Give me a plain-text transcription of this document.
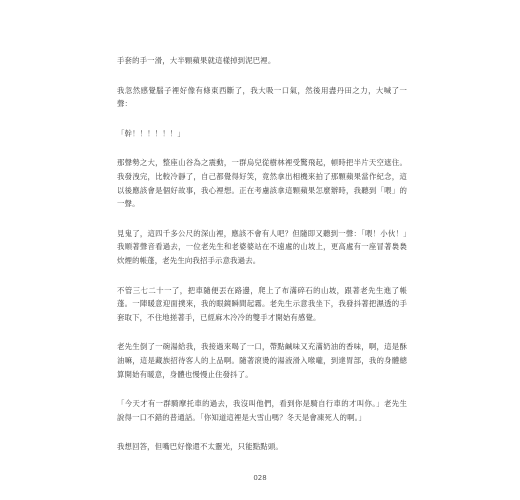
手套的手一滑，大半顆蘋果就這樣掉到泥巴裡。

我忽然感覺腦子裡好像有條東西斷了，我大吸一口氣，然後用盡丹田之力，大喊了一聲：

「幹！！！！！！」

那聲勢之大，整座山谷為之震動，一群烏兒從樹林裡受驚飛起，頓時把半片天空遮住。我發洩完，比較冷靜了，自己都覺得好笑，竟然拿出相機來拍了那顆蘋果當作紀念，這以後應該會是個好故事，我心裡想。正在考慮該拿這顆蘋果怎麼辦時，我聽到「喂」的一聲。

見鬼了，這四千多公尺的深山裡，應該不會有人吧？但隨即又聽到一聲：「喂！小伙！」我順著聲音看過去，一位老先生和老婆婆站在不遠處的山坡上，更高處有一座冒著裊裊炊煙的帳蓬，老先生向我招手示意我過去。

不管三七二十一了，把車隨便丟在路邊，爬上了布滿碎石的山坡，跟著老先生進了帳蓬。一陣暖意迎面撲來，我的眼鏡瞬間起霧。老先生示意我坐下，我發抖著把濕透的手套取下，不住地搓著手，已經麻木冷冷的雙手才開始有感覺。

老先生倒了一碗湯給我，我接過來喝了一口，帶點鹹味又充滿奶油的香味，啊，這是酥油嘛，這是藏族招待客人的上品啊。隨著滾燙的湯液滑入喉嚨，到達胃部，我的身體總算開始有暖意，身體也慢慢止住發抖了。

「今天才有一群騎摩托車的過去，我沒叫他們，看到你是騎自行車的才叫你。」老先生說得一口不錯的普通話。「你知道這裡是大雪山嗎？冬天是會凍死人的啊。」

我想回答，但嘴巴好像還不太靈光，只能點點頭。

028
